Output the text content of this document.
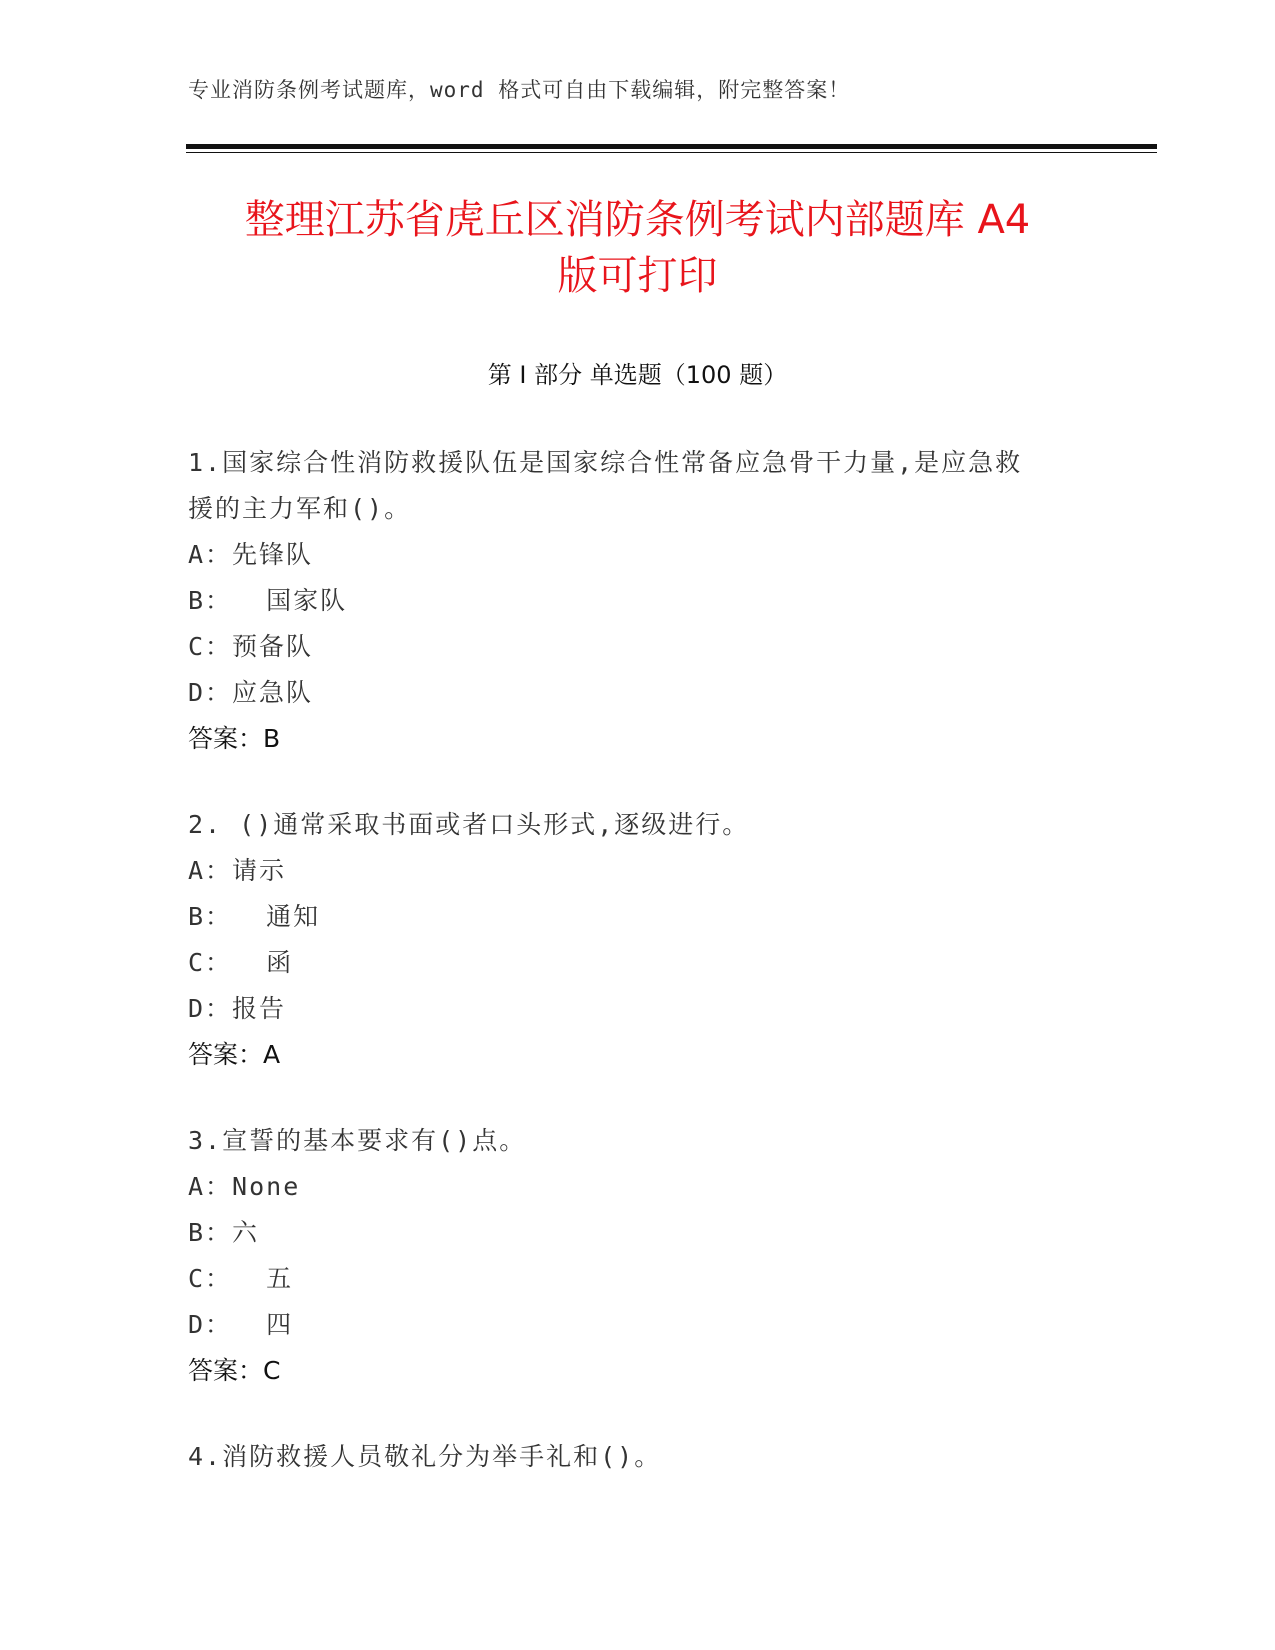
专业消防条例考试题库，word 格式可自由下载编辑，附完整答案！
整理江苏省虎丘区消防条例考试内部题库 A4
版可打印
第 I 部分 单选题（100 题）
1.国家综合性消防救援队伍是国家综合性常备应急骨干力量,是应急救
援的主力军和()。
A：先锋队
B：  国家队
C：预备队
D：应急队
答案：B
2. ()通常采取书面或者口头形式,逐级进行。
A：请示
B：  通知
C：  函
D：报告
答案：A
3.宣誓的基本要求有()点。
A：None
B：六
C：  五
D：  四
答案：C
4.消防救援人员敬礼分为举手礼和()。
